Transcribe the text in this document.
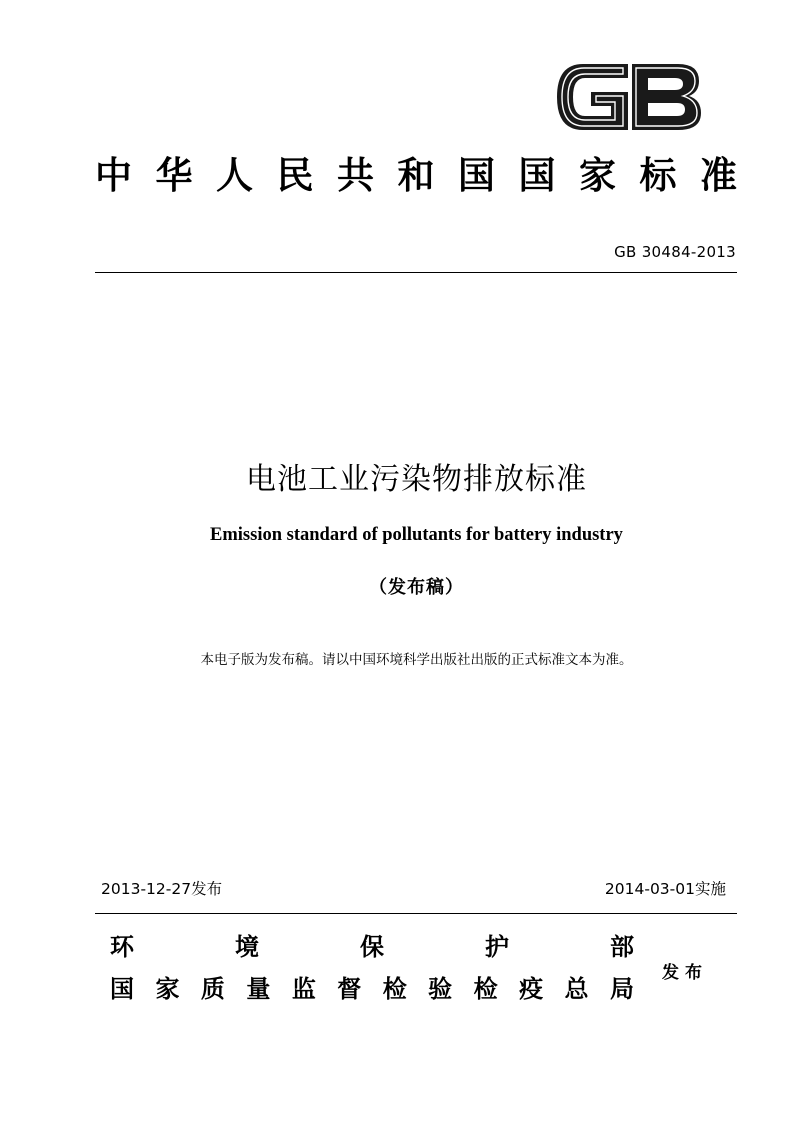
中 华 人 民 共 和 国 国 家 标 准
GB 30484-2013
电池工业污染物排放标准
Emission standard of pollutants for battery industry
（发布稿）
本电子版为发布稿。请以中国环境科学出版社出版的正式标准文本为准。
2013-12-27发布	2014-03-01实施
环	境	保	护	部
国 家 质 量 监 督 检 验 检 疫 总 局
发布
